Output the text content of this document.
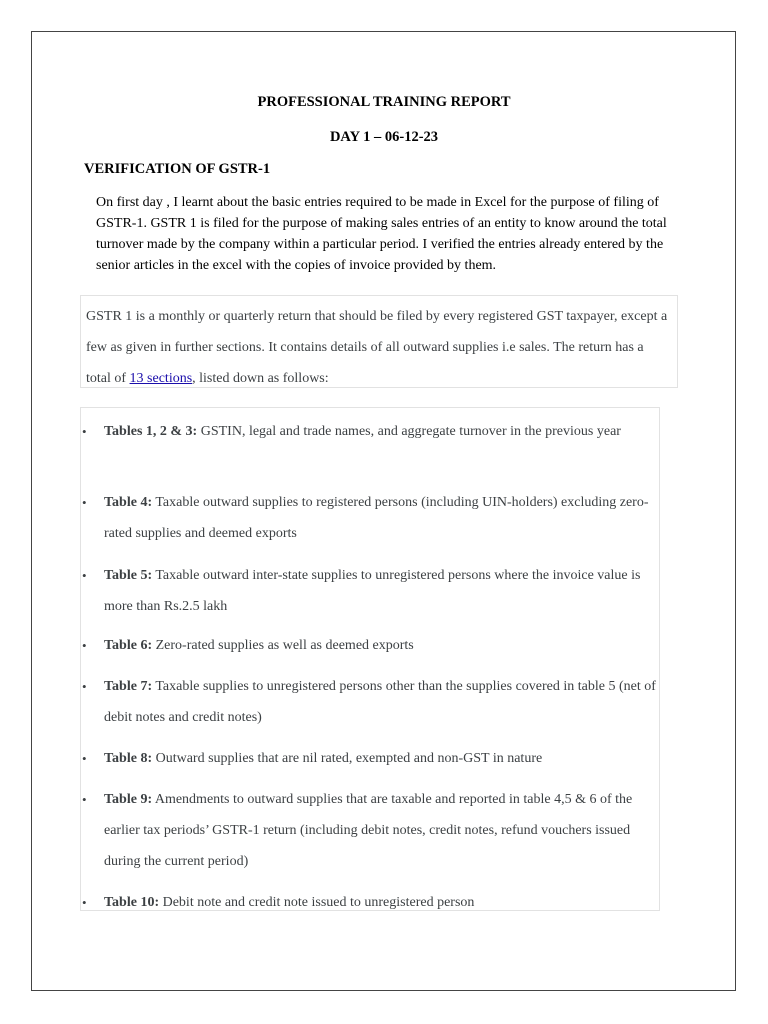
PROFESSIONAL TRAINING REPORT
DAY 1 – 06-12-23
VERIFICATION OF GSTR-1

On first day , I learnt about the basic entries required to be made in Excel for the purpose of filing of GSTR-1. GSTR 1 is filed for the purpose of making sales entries of an entity to know around the total turnover made by the company within a particular period. I verified the entries already entered by the senior articles in the excel with the copies of invoice provided by them.

GSTR 1 is a monthly or quarterly return that should be filed by every registered GST taxpayer, except a few as given in further sections. It contains details of all outward supplies i.e sales. The return has a total of 13 sections, listed down as follows:

• Tables 1, 2 & 3: GSTIN, legal and trade names, and aggregate turnover in the previous year
• Table 4: Taxable outward supplies to registered persons (including UIN-holders) excluding zero-rated supplies and deemed exports
• Table 5: Taxable outward inter-state supplies to unregistered persons where the invoice value is more than Rs.2.5 lakh
• Table 6: Zero-rated supplies as well as deemed exports
• Table 7: Taxable supplies to unregistered persons other than the supplies covered in table 5 (net of debit notes and credit notes)
• Table 8: Outward supplies that are nil rated, exempted and non-GST in nature
• Table 9: Amendments to outward supplies that are taxable and reported in table 4,5 & 6 of the earlier tax periods’ GSTR-1 return (including debit notes, credit notes, refund vouchers issued during the current period)
• Table 10: Debit note and credit note issued to unregistered person
